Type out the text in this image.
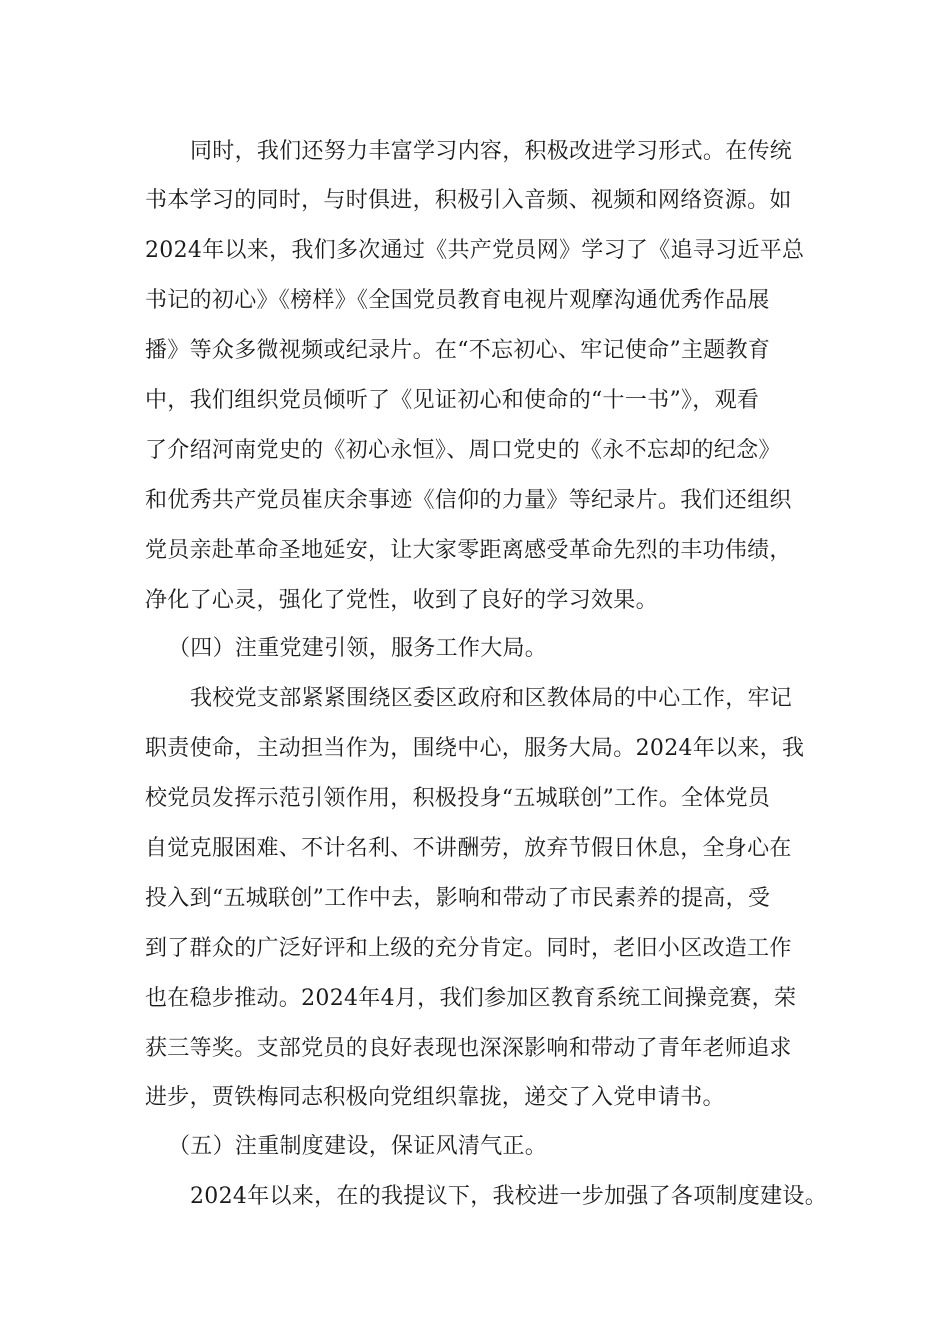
同时，我们还努力丰富学习内容，积极改进学习形式。在传统
书本学习的同时，与时俱进，积极引入音频、视频和网络资源。如
2024年以来，我们多次通过《共产党员网》学习了《追寻习近平总
书记的初心》《榜样》《全国党员教育电视片观摩沟通优秀作品展
播》等众多微视频或纪录片。在“不忘初心、牢记使命”主题教育
中，我们组织党员倾听了《见证初心和使命的“十一书”》，观看
了介绍河南党史的《初心永恒》、周口党史的《永不忘却的纪念》
和优秀共产党员崔庆余事迹《信仰的力量》等纪录片。我们还组织
党员亲赴革命圣地延安，让大家零距离感受革命先烈的丰功伟绩，
净化了心灵，强化了党性，收到了良好的学习效果。
（四）注重党建引领，服务工作大局。
我校党支部紧紧围绕区委区政府和区教体局的中心工作，牢记
职责使命，主动担当作为，围绕中心，服务大局。2024年以来，我
校党员发挥示范引领作用，积极投身“五城联创”工作。全体党员
自觉克服困难、不计名利、不讲酬劳，放弃节假日休息，全身心在
投入到“五城联创”工作中去，影响和带动了市民素养的提高，受
到了群众的广泛好评和上级的充分肯定。同时，老旧小区改造工作
也在稳步推动。2024年4月，我们参加区教育系统工间操竞赛，荣
获三等奖。支部党员的良好表现也深深影响和带动了青年老师追求
进步，贾铁梅同志积极向党组织靠拢，递交了入党申请书。
（五）注重制度建设，保证风清气正。
2024年以来，在的我提议下，我校进一步加强了各项制度建设。
